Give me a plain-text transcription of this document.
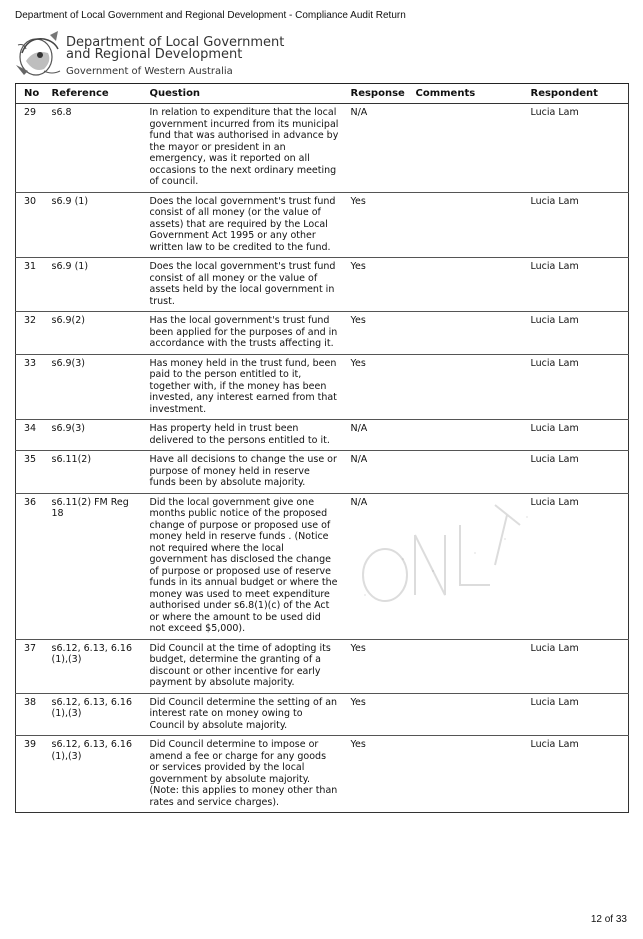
Department of Local Government and Regional Development - Compliance Audit Return
Department of Local Government
and Regional Development
Government of Western Australia
No	Reference	Question	Response	Comments	Respondent
29	s6.8	In relation to expenditure that the local government incurred from its municipal fund that was authorised in advance by the mayor or president in an emergency, was it reported on all occasions to the next ordinary meeting of council.	N/A		Lucia Lam
30	s6.9 (1)	Does the local government's trust fund consist of all money (or the value of assets) that are required by the Local Government Act 1995 or any other written law to be credited to the fund.	Yes		Lucia Lam
31	s6.9 (1)	Does the local government's trust fund consist of all money or the value of assets held by the local government in trust.	Yes		Lucia Lam
32	s6.9(2)	Has the local government's trust fund been applied for the purposes of and in accordance with the trusts affecting it.	Yes		Lucia Lam
33	s6.9(3)	Has money held in the trust fund, been paid to the person entitled to it, together with, if the money has been invested, any interest earned from that investment.	Yes		Lucia Lam
34	s6.9(3)	Has property held in trust been delivered to the persons entitled to it.	N/A		Lucia Lam
35	s6.11(2)	Have all decisions to change the use or purpose of money held in reserve funds been by absolute majority.	N/A		Lucia Lam
36	s6.11(2) FM Reg 18	Did the local government give one months public notice of the proposed change of purpose or proposed use of money held in reserve funds . (Notice not required where the local government has disclosed the change of purpose or proposed use of reserve funds in its annual budget or where the money was used to meet expenditure authorised under s6.8(1)(c) of the Act or where the amount to be used did not exceed $5,000).	N/A		Lucia Lam
37	s6.12, 6.13, 6.16 (1),(3)	Did Council at the time of adopting its budget, determine the granting of a discount or other incentive for early payment by absolute majority.	Yes		Lucia Lam
38	s6.12, 6.13, 6.16 (1),(3)	Did Council determine the setting of an interest rate on money owing to Council by absolute majority.	Yes		Lucia Lam
39	s6.12, 6.13, 6.16 (1),(3)	Did Council determine to impose or amend a fee or charge for any goods or services provided by the local government by absolute majority. (Note: this applies to money other than rates and service charges).	Yes		Lucia Lam
12 of 33
